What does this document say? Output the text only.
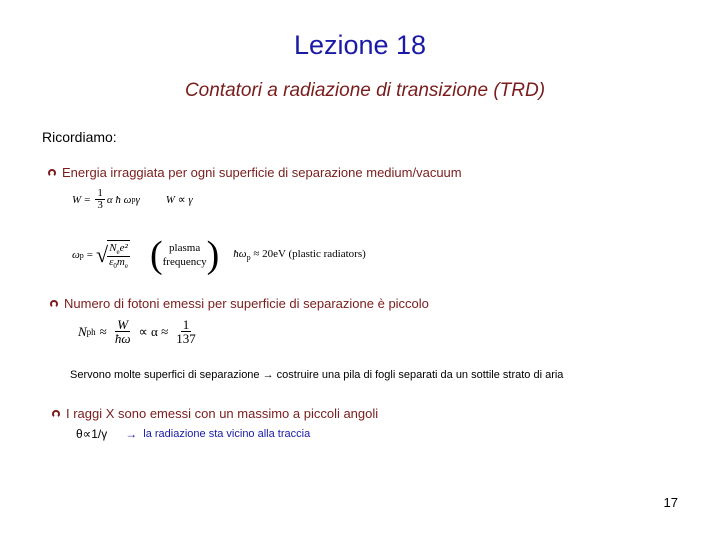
Lezione 18
Contatori a radiazione di transizione (TRD)
Ricordiamo:
Energia irraggiata per ogni superficie di separazione medium/vacuum
$W = \frac{1}{3}$ α ħ ω p γ W ∝ γ
ω p = √ $\frac{N_ee^2}{\varepsilon_0m_e}$ ( plasma
frequency ) $ħ\omega_p \approx 20eV$ (plastic radiators)
Numero di fotoni emessi per superficie di separazione è piccolo
N ph ≈ $\frac{W}{ħ\omega} \propto \alpha \approx \frac{1}{137}$
Servono molte superfici di separazione → costruire una pila di fogli separati da un sottile strato di aria
I raggi X sono emessi con un massimo a piccoli angoli
θ∝1/γ → la radiazione sta vicino alla traccia
17
